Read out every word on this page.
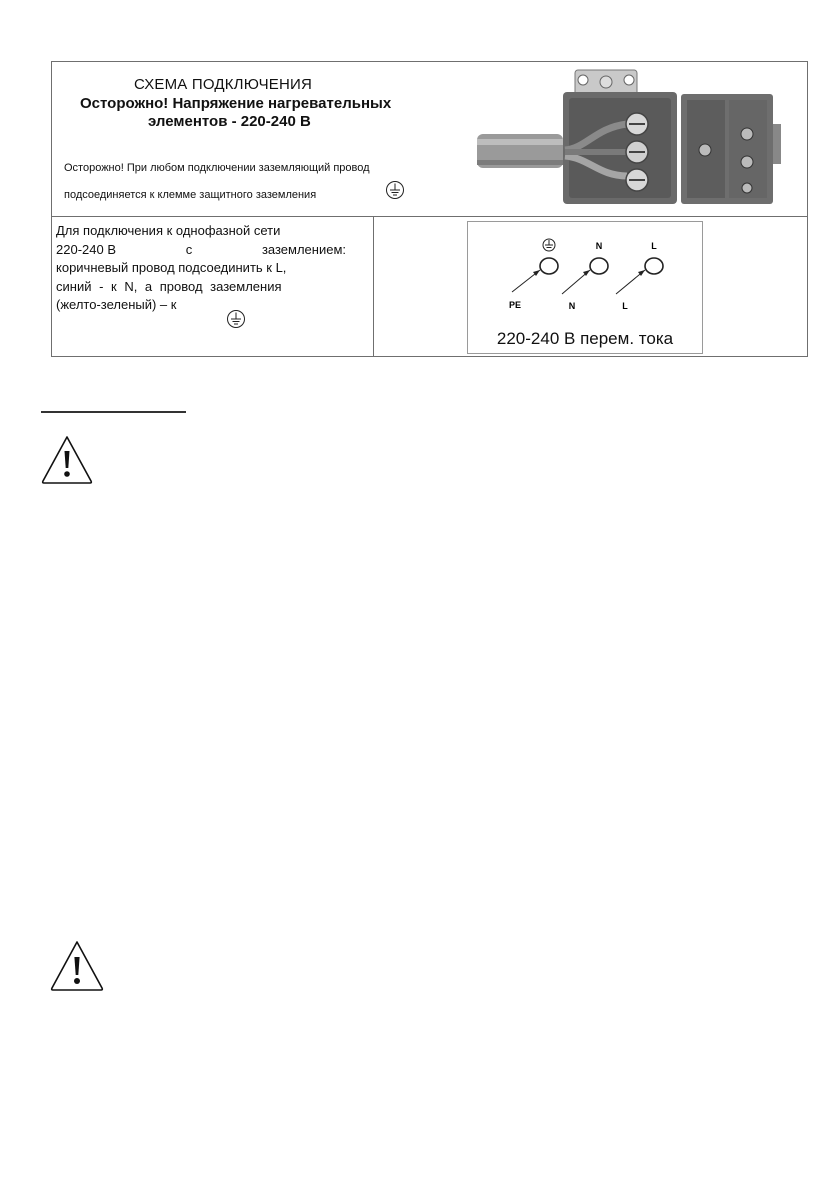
СХЕМА ПОДКЛЮЧЕНИЯ
Осторожно! Напряжение нагревательных
элементов - 220-240 В
Осторожно! При любом подключении заземляющий провод
подсоединяется к клемме защитного заземления
Для подключения к однофазной сети
220-240 В	с	заземлением:
коричневый провод подсоединить к L,
синий - к N, а провод заземления
(желто-зеленый) – к
N	L
PE	N	L
220-240 В перем. тока
